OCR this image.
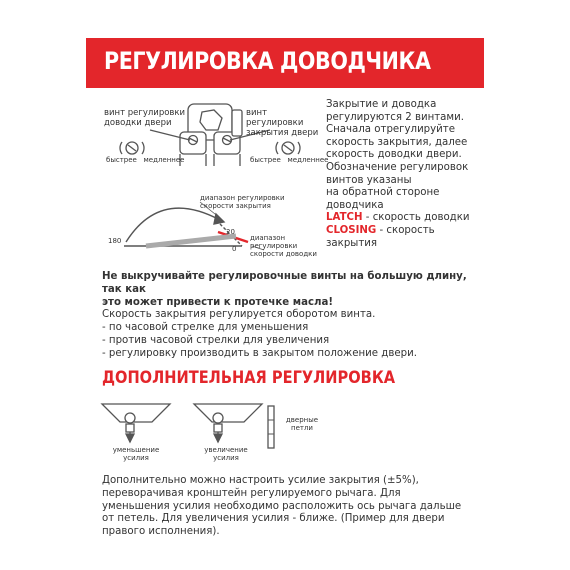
РЕГУЛИРОВКА ДОВОДЧИКА
винт регулировки
доводки двери
винт регулировки
закрытия двери
быстрее медленнее	быстрее медленнее
диапазон регулировки
скорости закрытия
диапазон
регулировки
скорости доводки
180
20
0
Закрытие и доводка
регулируются 2 винтами.
Сначала отрегулируйте
скорость закрытия, далее
скорость доводки двери.
Обозначение регулировок
винтов указаны
на обратной стороне
доводчика
LATCH - скорость доводки
CLOSING - скорость
закрытия
Не выкручивайте регулировочные винты на большую длину, так как
это может привести к протечке масла!
Скорость закрытия регулируется оборотом винта.
- по часовой стрелке для уменьшения
- против часовой стрелки для увеличения
- регулировку производить в закрытом положение двери.
ДОПОЛНИТЕЛЬНАЯ РЕГУЛИРОВКА
уменьшение
усилия
увеличение
усилия
дверные
петли
Дополнительно можно настроить усилие закрытия (±5%),
переворачивая кронштейн регулируемого рычага. Для
уменьшения усилия необходимо расположить ось рычага дальше
от петель. Для увеличения усилия - ближе. (Пример для двери
правого исполнения).
